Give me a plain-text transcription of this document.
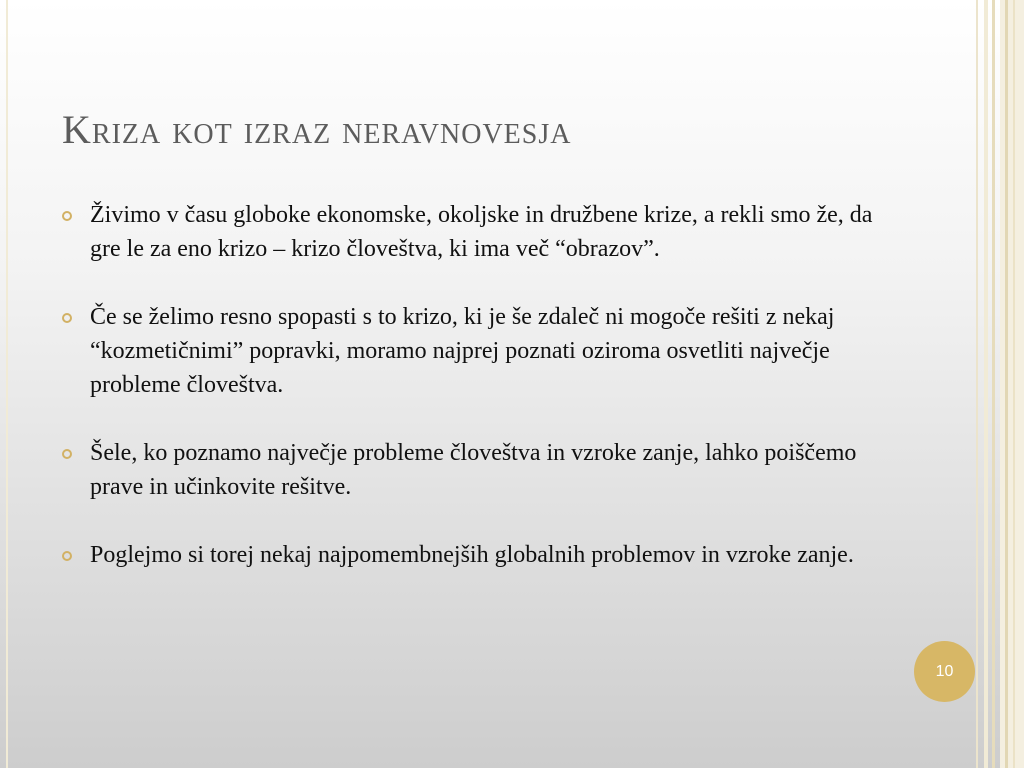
Kriza kot izraz neravnovesja
Živimo v času globoke ekonomske, okoljske in družbene krize, a rekli smo že, da gre le za eno krizo – krizo človeštva, ki ima več “obrazov”.
Če se želimo resno spopasti s to krizo, ki je še zdaleč ni mogoče rešiti z nekaj “kozmetičnimi” popravki, moramo najprej poznati oziroma osvetliti največje probleme človeštva.
Šele, ko poznamo največje probleme človeštva in vzroke zanje, lahko poiščemo prave in učinkovite rešitve.
Poglejmo si torej nekaj najpomembnejših globalnih problemov in vzroke zanje.
10
